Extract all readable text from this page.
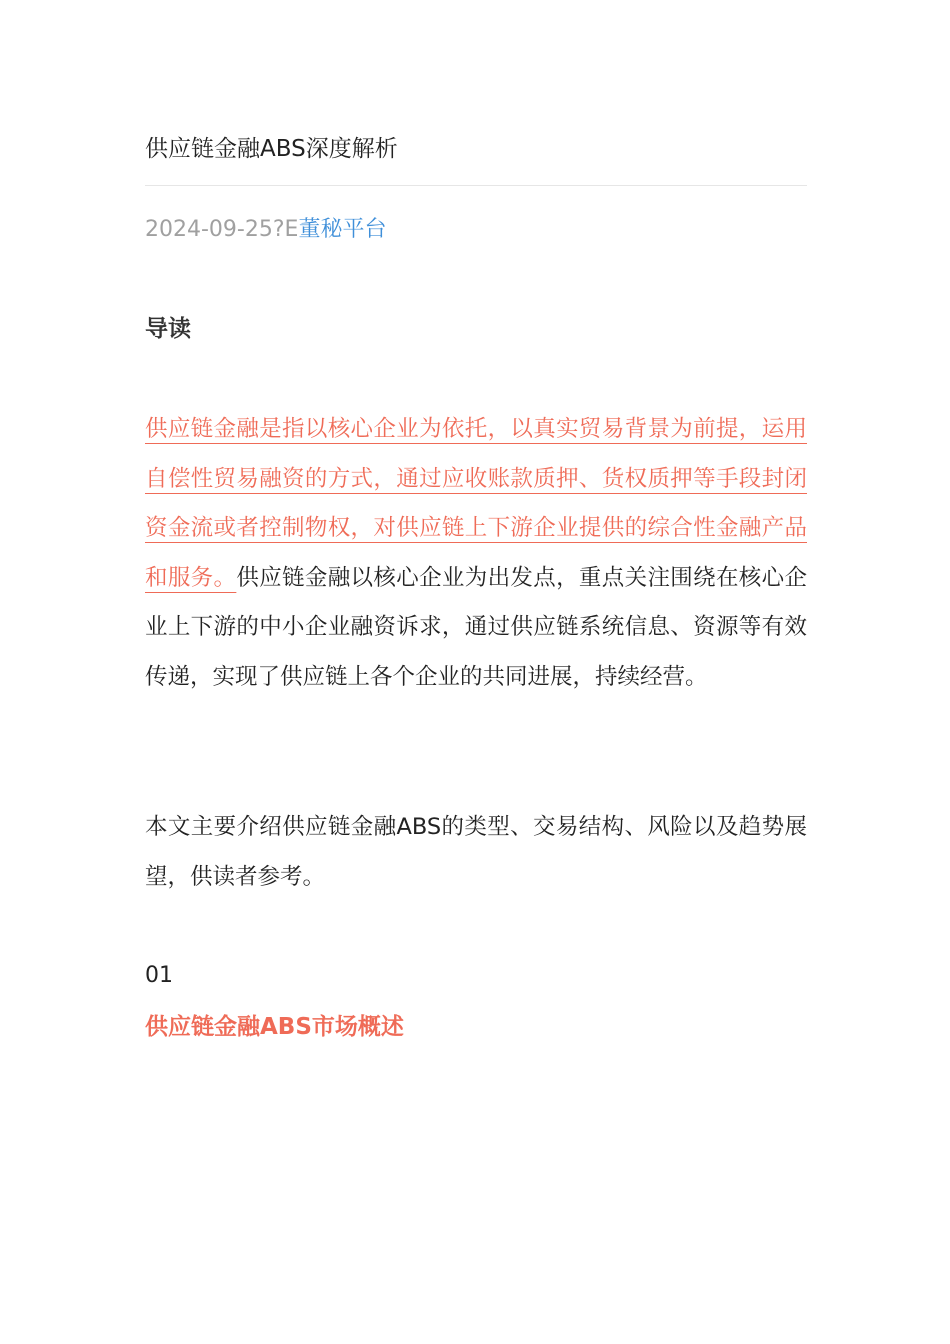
供应链金融ABS深度解析
2024-09-25?E董秘平台
导读
供应链金融是指以核心企业为依托，以真实贸易背景为前提，运用自偿性贸易融资的方式，通过应收账款质押、货权质押等手段封闭资金流或者控制物权，对供应链上下游企业提供的综合性金融产品和服务。供应链金融以核心企业为出发点，重点关注围绕在核心企业上下游的中小企业融资诉求，通过供应链系统信息、资源等有效传递，实现了供应链上各个企业的共同进展，持续经营。
本文主要介绍供应链金融ABS的类型、交易结构、风险以及趋势展望，供读者参考。
01
供应链金融ABS市场概述
